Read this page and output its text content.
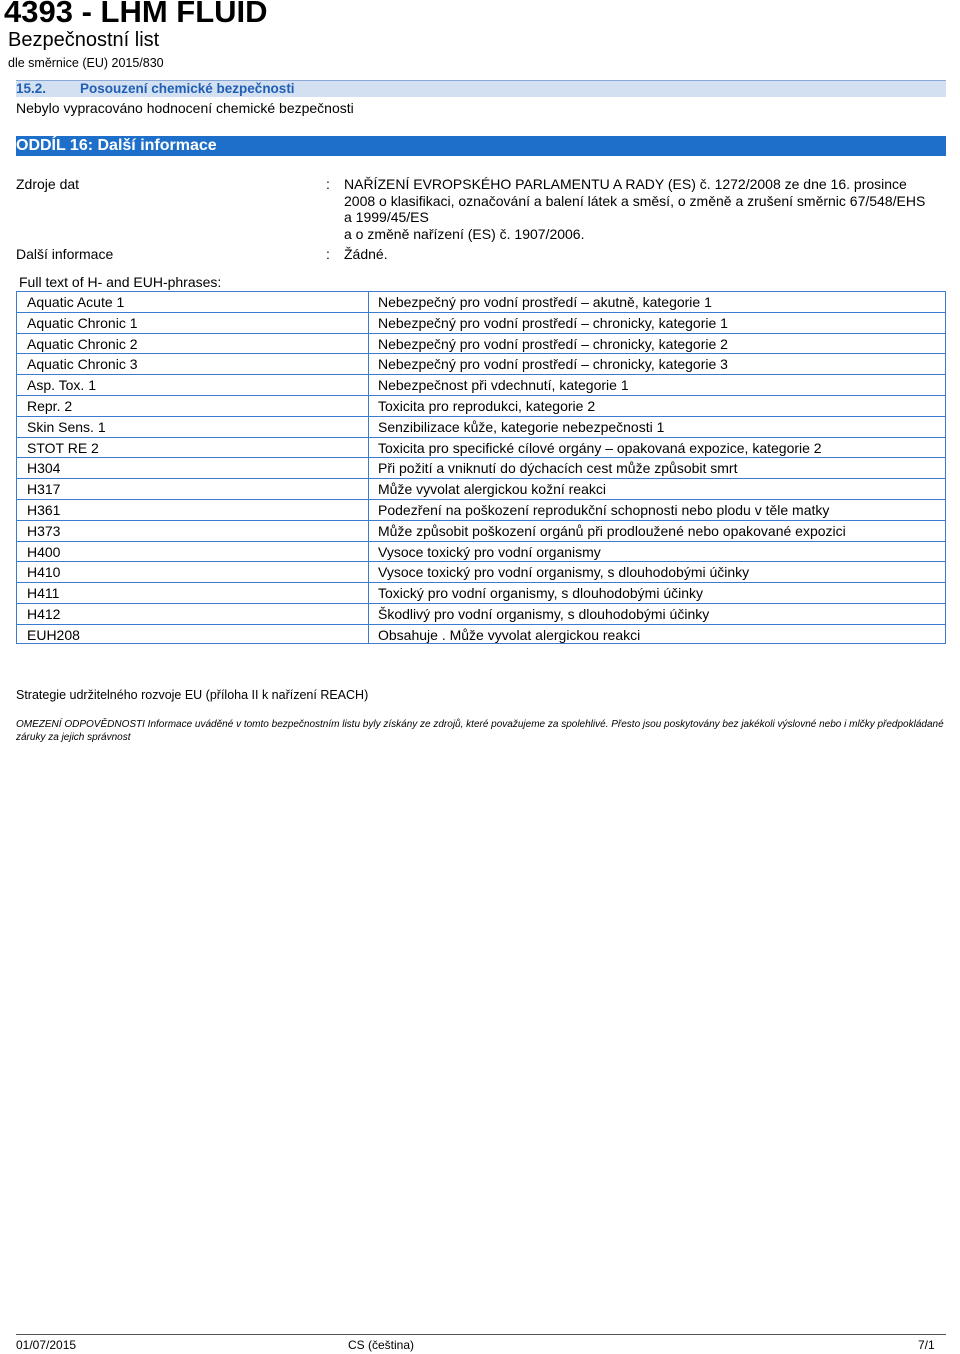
4393 - LHM FLUID
Bezpečnostní list
dle směrnice (EU) 2015/830
15.2.	Posouzení chemické bezpečnosti
Nebylo vypracováno hodnocení chemické bezpečnosti
ODDÍL 16: Další informace
Zdroje dat	: NAŘÍZENÍ EVROPSKÉHO PARLAMENTU A RADY (ES) č. 1272/2008 ze dne 16. prosince
2008 o klasifikaci, označování a balení látek a směsí, o změně a zrušení směrnic 67/548/EHS
a 1999/45/ES
a o změně nařízení (ES) č. 1907/2006.
Další informace	: Žádné.
Full text of H- and EUH-phrases:
Aquatic Acute 1	Nebezpečný pro vodní prostředí – akutně, kategorie 1
Aquatic Chronic 1	Nebezpečný pro vodní prostředí – chronicky, kategorie 1
Aquatic Chronic 2	Nebezpečný pro vodní prostředí – chronicky, kategorie 2
Aquatic Chronic 3	Nebezpečný pro vodní prostředí – chronicky, kategorie 3
Asp. Tox. 1	Nebezpečnost při vdechnutí, kategorie 1
Repr. 2	Toxicita pro reprodukci, kategorie 2
Skin Sens. 1	Senzibilizace kůže, kategorie nebezpečnosti 1
STOT RE 2	Toxicita pro specifické cílové orgány – opakovaná expozice, kategorie 2
H304	Při požití a vniknutí do dýchacích cest může způsobit smrt
H317	Může vyvolat alergickou kožní reakci
H361	Podezření na poškození reprodukční schopnosti nebo plodu v těle matky
H373	Může způsobit poškození orgánů při prodloužené nebo opakované expozici
H400	Vysoce toxický pro vodní organismy
H410	Vysoce toxický pro vodní organismy, s dlouhodobými účinky
H411	Toxický pro vodní organismy, s dlouhodobými účinky
H412	Škodlivý pro vodní organismy, s dlouhodobými účinky
EUH208	Obsahuje . Může vyvolat alergickou reakci
Strategie udržitelného rozvoje EU (příloha II k nařízení REACH)
OMEZENÍ ODPOVĚDNOSTI Informace uváděné v tomto bezpečnostním listu byly získány ze zdrojů, které považujeme za spolehlivé. Přesto jsou poskytovány bez jakékoli výslovné nebo i mlčky předpokládané záruky za jejich správnost
01/07/2015	CS (čeština)	7/1
